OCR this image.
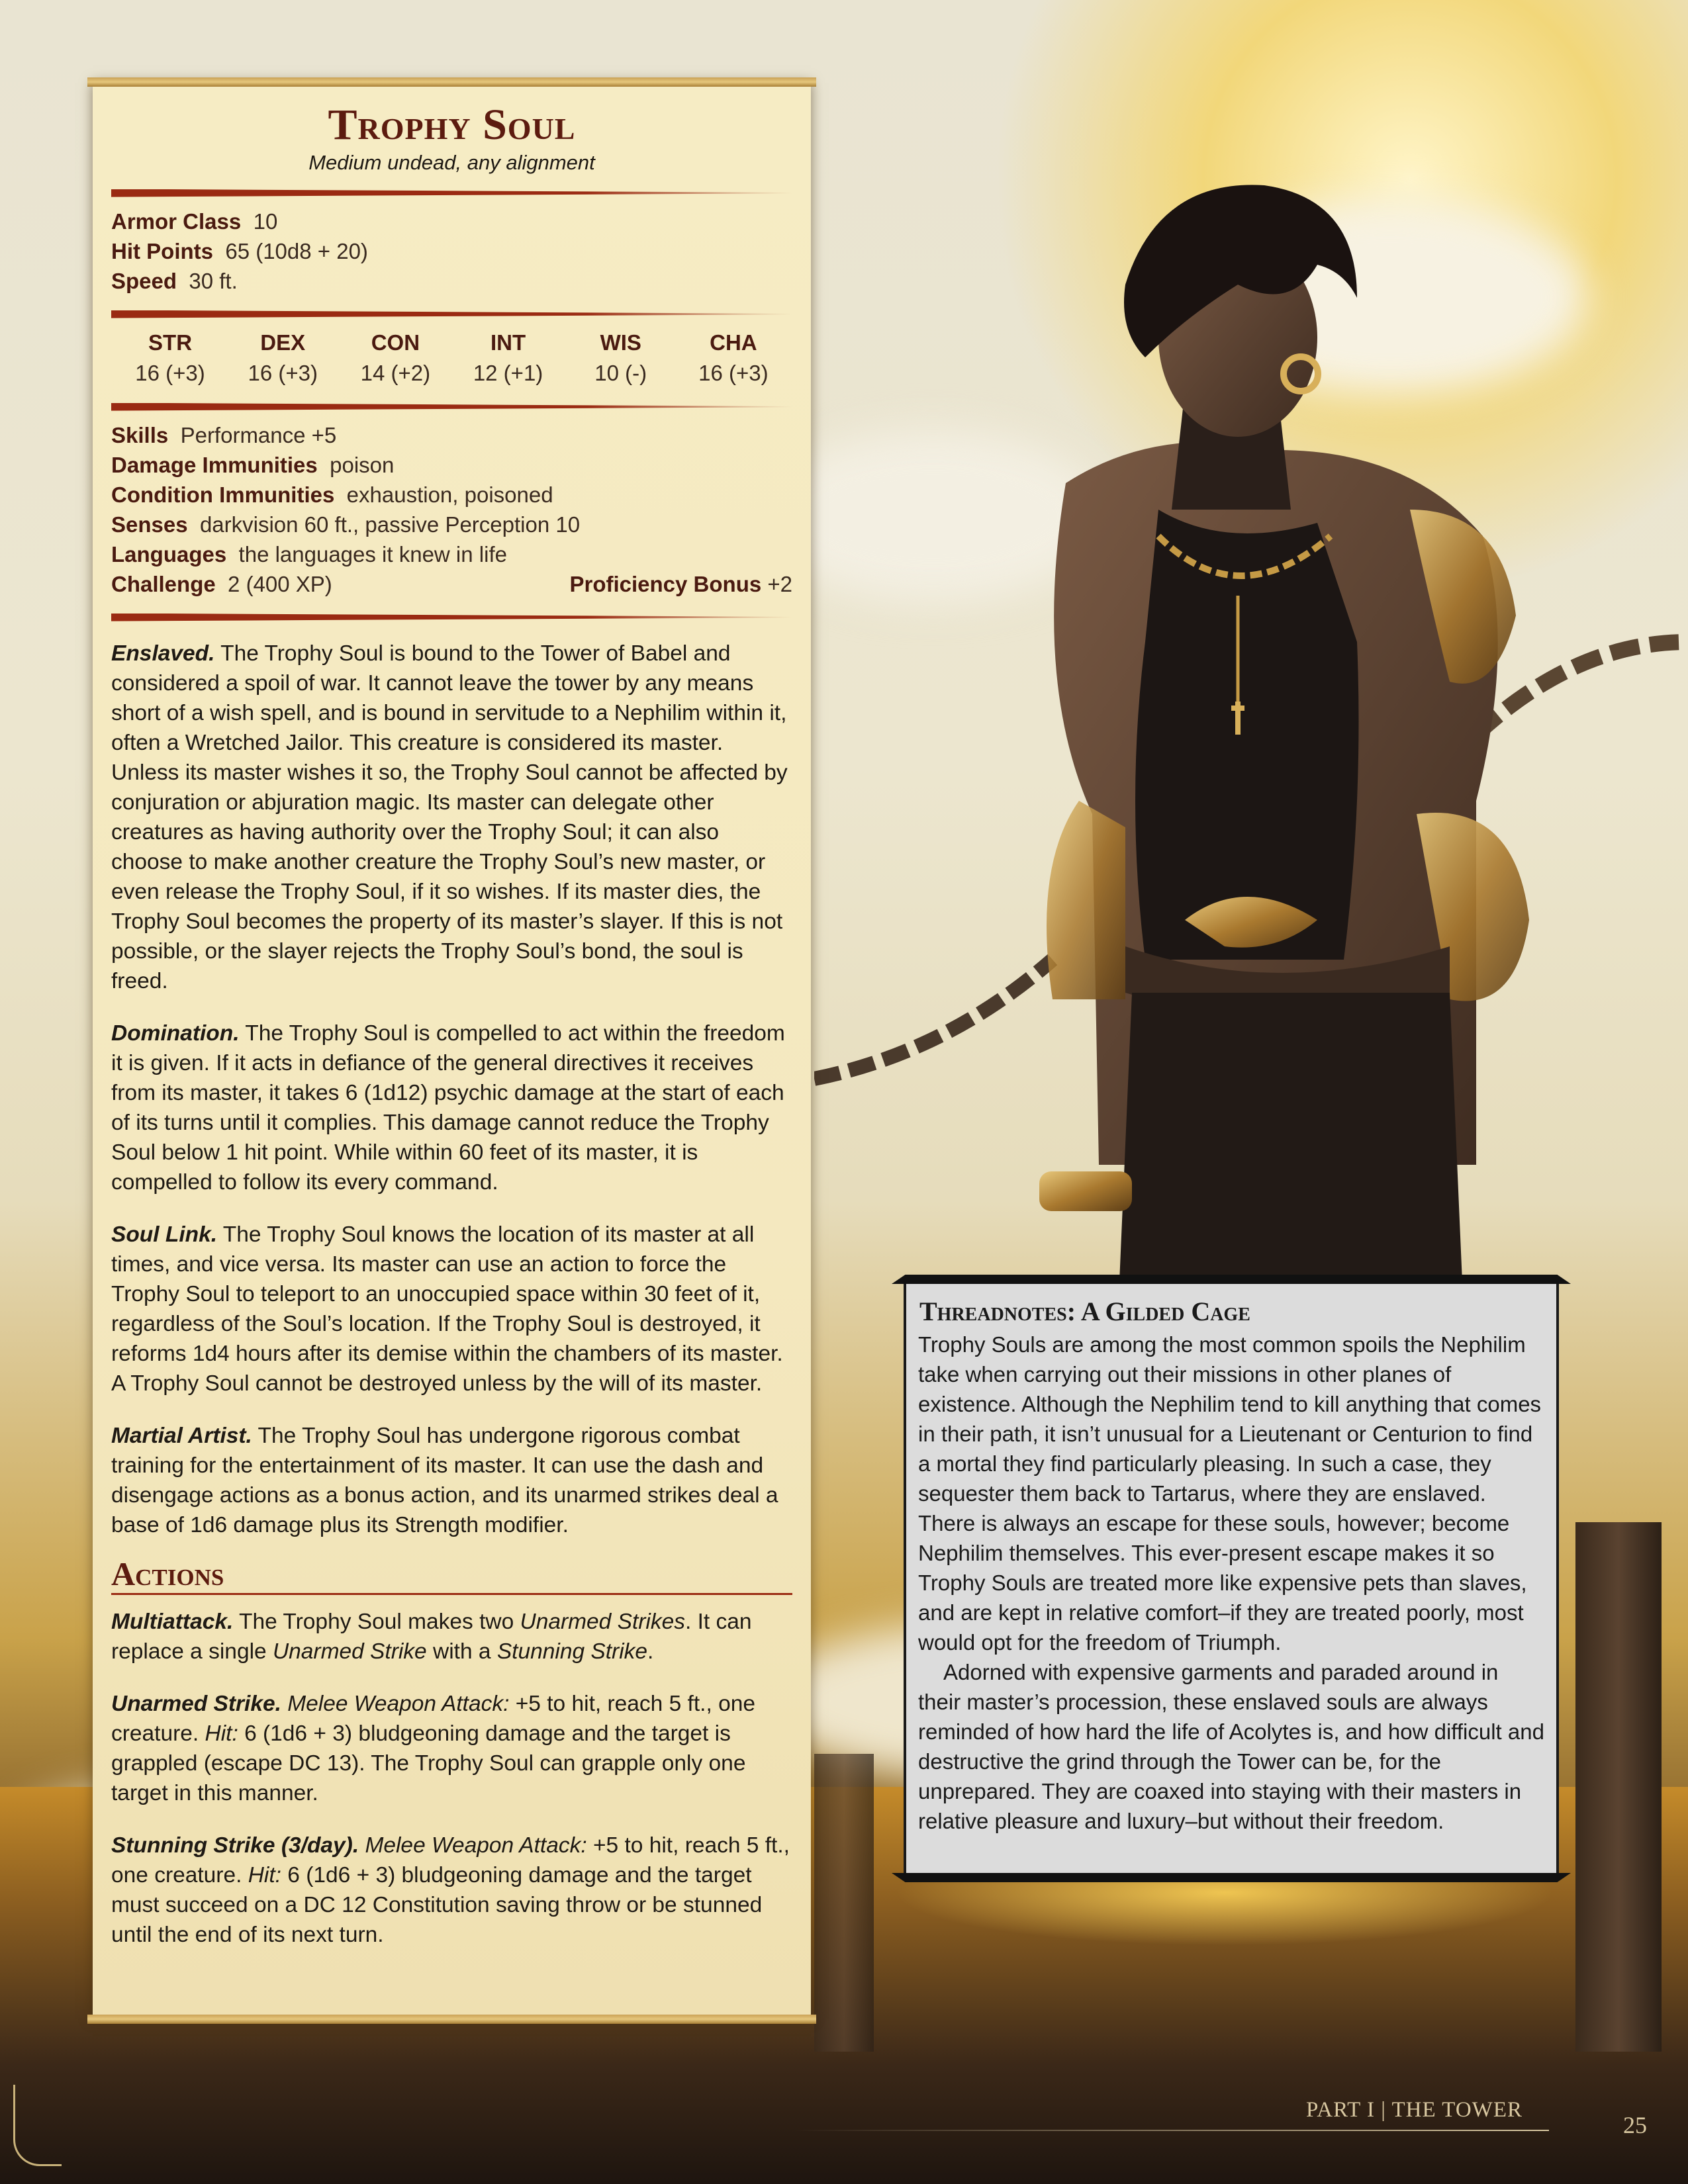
Trophy Soul
Medium undead, any alignment
Armor Class 10
Hit Points 65 (10d8 + 20)
Speed 30 ft.
STR
16 (+3)
DEX
16 (+3)
CON
14 (+2)
INT
12 (+1)
WIS
10 (-)
CHA
16 (+3)
Skills Performance +5
Damage Immunities poison
Condition Immunities exhaustion, poisoned
Senses darkvision 60 ft., passive Perception 10
Languages the languages it knew in life
Challenge 2 (400 XP)	Proficiency Bonus +2

Enslaved. The Trophy Soul is bound to the Tower of Babel and considered a spoil of war. It cannot leave the tower by any means short of a wish spell, and is bound in servitude to a Nephilim within it, often a Wretched Jailor. This creature is considered its master. Unless its master wishes it so, the Trophy Soul cannot be affected by conjuration or abjuration magic. Its master can delegate other creatures as having authority over the Trophy Soul; it can also choose to make another creature the Trophy Soul’s new master, or even release the Trophy Soul, if it so wishes. If its master dies, the Trophy Soul becomes the property of its master’s slayer. If this is not possible, or the slayer rejects the Trophy Soul’s bond, the soul is freed.

Domination. The Trophy Soul is compelled to act within the freedom it is given. If it acts in defiance of the general directives it receives from its master, it takes 6 (1d12) psychic damage at the start of each of its turns until it complies. This damage cannot reduce the Trophy Soul below 1 hit point. While within 60 feet of its master, it is compelled to follow its every command.

Soul Link. The Trophy Soul knows the location of its master at all times, and vice versa. Its master can use an action to force the Trophy Soul to teleport to an unoccupied space within 30 feet of it, regardless of the Soul’s location. If the Trophy Soul is destroyed, it reforms 1d4 hours after its demise within the chambers of its master. A Trophy Soul cannot be destroyed unless by the will of its master.

Martial Artist. The Trophy Soul has undergone rigorous combat training for the entertainment of its master. It can use the dash and disengage actions as a bonus action, and its unarmed strikes deal a base of 1d6 damage plus its Strength modifier.

Actions

Multiattack. The Trophy Soul makes two Unarmed Strikes. It can replace a single Unarmed Strike with a Stunning Strike.

Unarmed Strike. Melee Weapon Attack: +5 to hit, reach 5 ft., one creature. Hit: 6 (1d6 + 3) bludgeoning damage and the target is grappled (escape DC 13). The Trophy Soul can grapple only one target in this manner.

Stunning Strike (3/day). Melee Weapon Attack: +5 to hit, reach 5 ft., one creature. Hit: 6 (1d6 + 3) bludgeoning damage and the target must succeed on a DC 12 Constitution saving throw or be stunned until the end of its next turn.

Threadnotes: A Gilded Cage

Trophy Souls are among the most common spoils the Nephilim take when carrying out their missions in other planes of existence. Although the Nephilim tend to kill anything that comes in their path, it isn’t unusual for a Lieutenant or Centurion to find a mortal they find particularly pleasing. In such a case, they sequester them back to Tartarus, where they are enslaved. There is always an escape for these souls, however; become Nephilim themselves. This ever-present escape makes it so Trophy Souls are treated more like expensive pets than slaves, and are kept in relative comfort–if they are treated poorly, most would opt for the freedom of Triumph.

Adorned with expensive garments and paraded around in their master’s procession, these enslaved souls are always reminded of how hard the life of Acolytes is, and how difficult and destructive the grind through the Tower can be, for the unprepared. They are coaxed into staying with their masters in relative pleasure and luxury–but without their freedom.

PART I | THE TOWER
25
